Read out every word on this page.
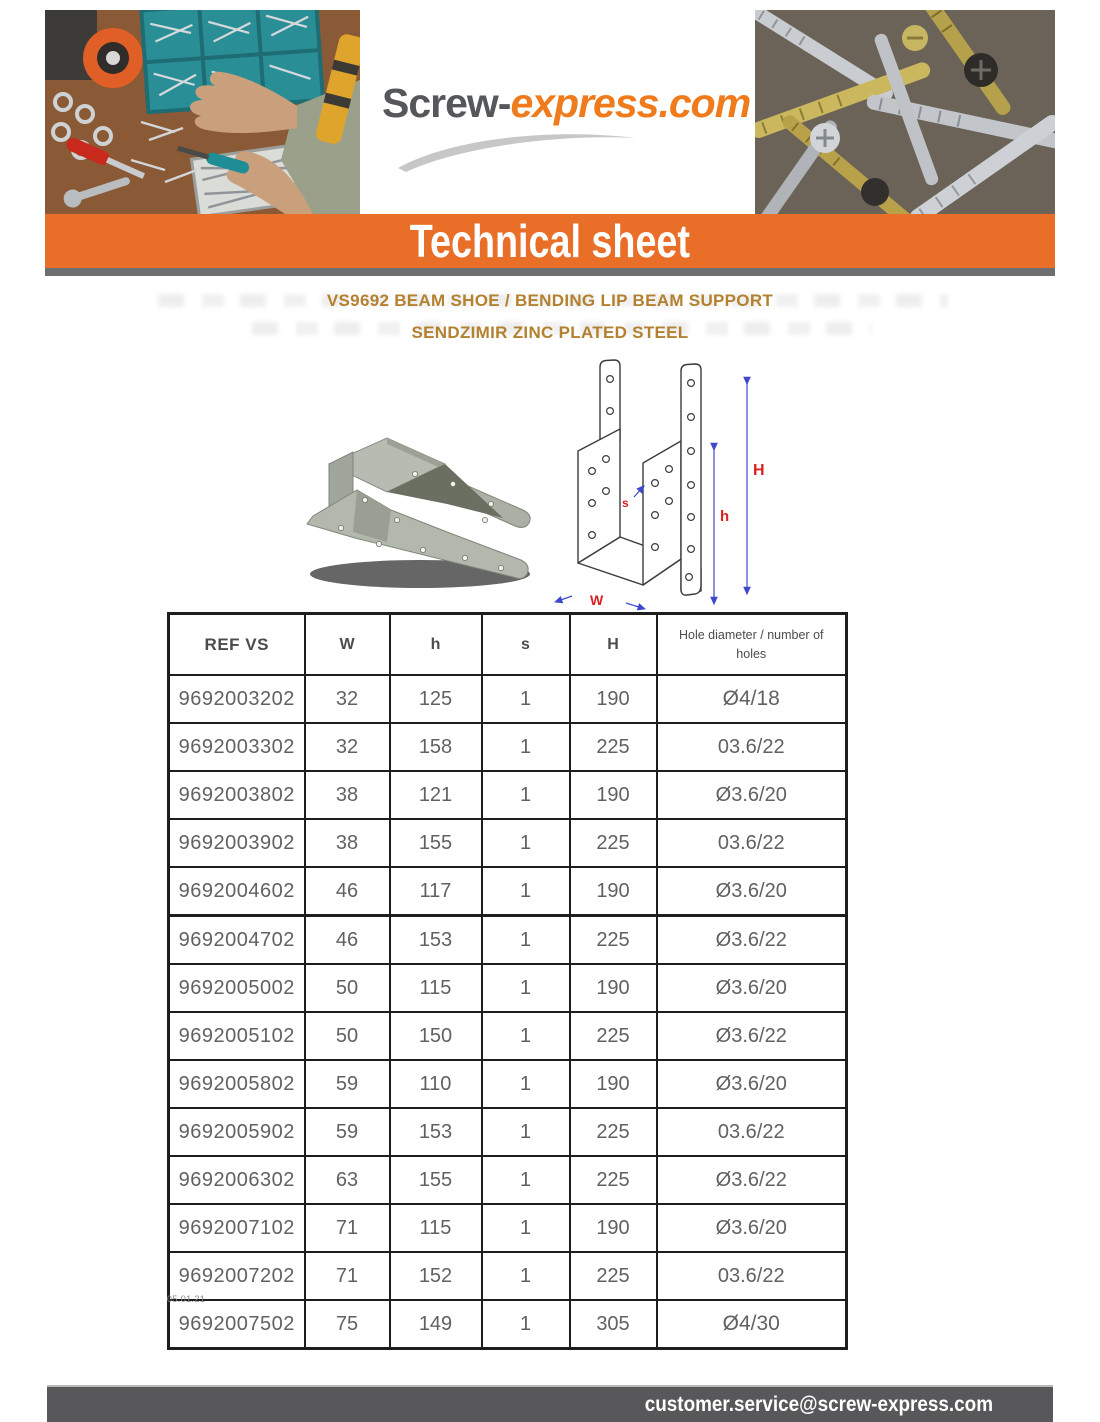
Screw-express.com
Technical sheet
VS9692 BEAM SHOE / BENDING LIP BEAM SUPPORT
SENDZIMIR ZINC PLATED STEEL
H
h
s
W
REF VS	W	h	s	H	Hole diameter / number of holes
9692003202	32	125	1	190	Ø4/18
9692003302	32	158	1	225	03.6/22
9692003802	38	121	1	190	Ø3.6/20
9692003902	38	155	1	225	03.6/22
9692004602	46	117	1	190	Ø3.6/20
9692004702	46	153	1	225	Ø3.6/22
9692005002	50	115	1	190	Ø3.6/20
9692005102	50	150	1	225	Ø3.6/22
9692005802	59	110	1	190	Ø3.6/20
9692005902	59	153	1	225	03.6/22
9692006302	63	155	1	225	Ø3.6/22
9692007102	71	115	1	190	Ø3.6/20
9692007202	71	152	1	225	03.6/22
9692007502	75	149	1	305	Ø4/30
05.01.21
customer.service@screw-express.com
